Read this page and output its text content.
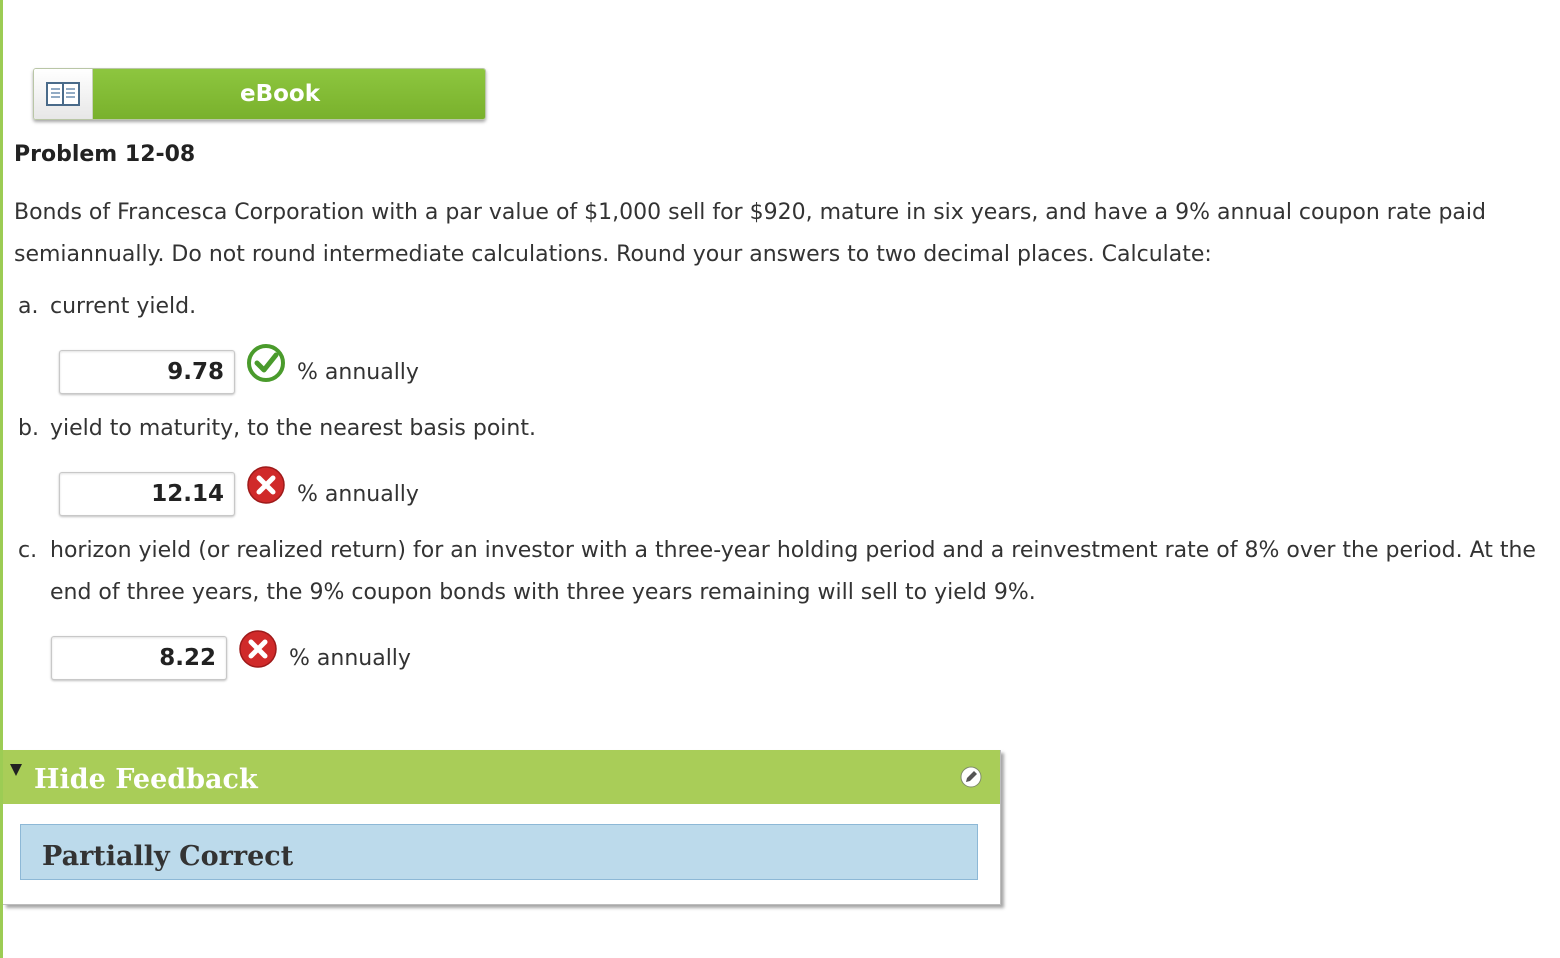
eBook
Problem 12-08

Bonds of Francesca Corporation with a par value of $1,000 sell for $920, mature in six years, and have a 9% annual coupon rate paid semiannually. Do not round intermediate calculations. Round your answers to two decimal places. Calculate:

a. current yield.
9.78
% annually
b. yield to maturity, to the nearest basis point.
12.14
% annually
c. horizon yield (or realized return) for an investor with a three-year holding period and a reinvestment rate of 8% over the period. At the end of three years, the 9% coupon bonds with three years remaining will sell to yield 9%.
8.22
% annually
Hide Feedback
Partially Correct
